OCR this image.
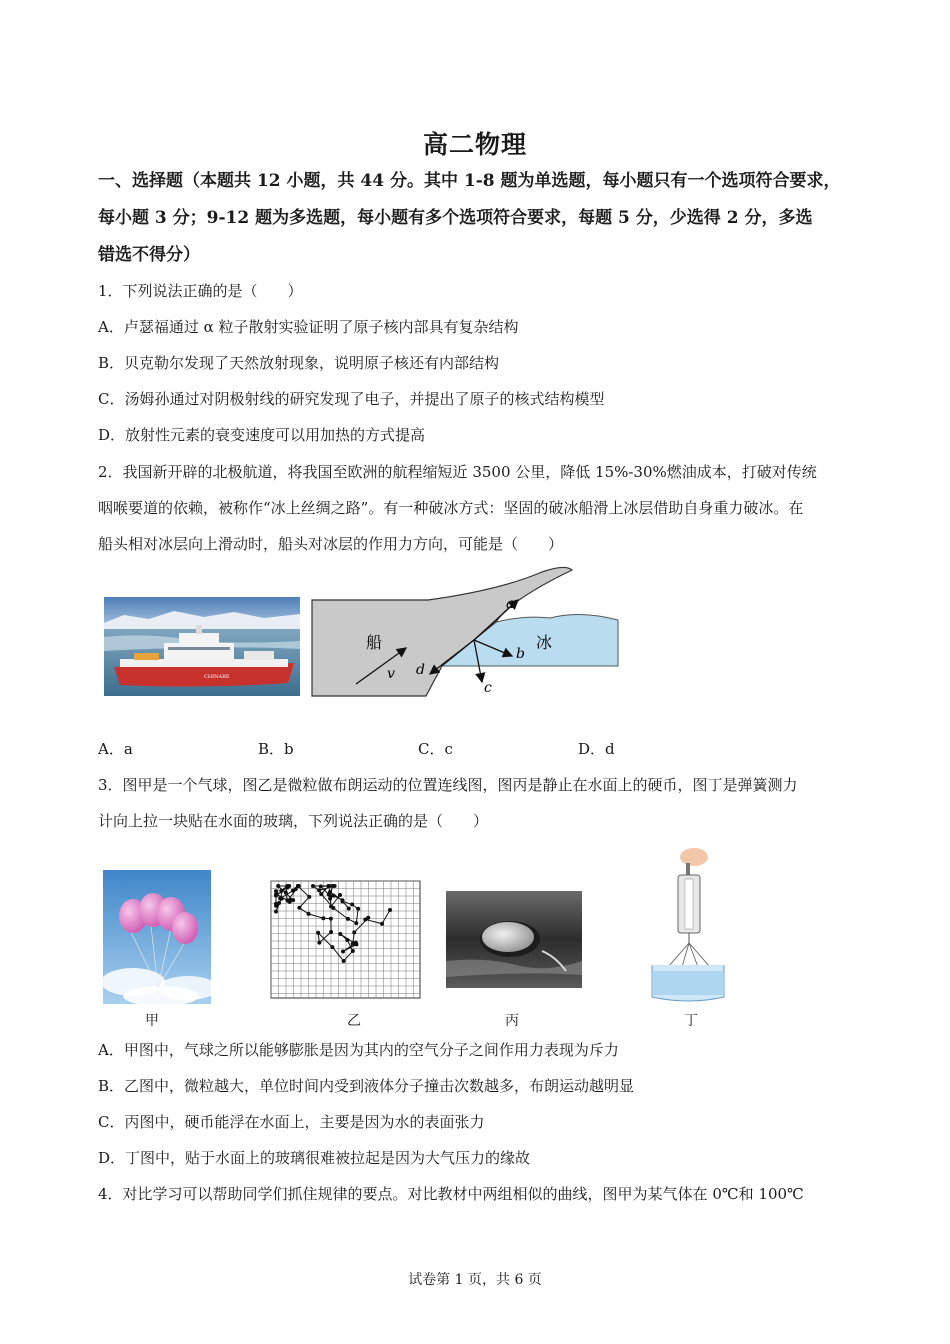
高二物理
一、选择题（本题共 12 小题，共 44 分。其中 1-8 题为单选题，每小题只有一个选项符合要求，
每小题 3 分；9-12 题为多选题，每小题有多个选项符合要求，每题 5 分，少选得 2 分，多选
错选不得分）
1．下列说法正确的是（　　）
A．卢瑟福通过 α 粒子散射实验证明了原子核内部具有复杂结构
B．贝克勒尔发现了天然放射现象，说明原子核还有内部结构
C．汤姆孙通过对阴极射线的研究发现了电子，并提出了原子的核式结构模型
D．放射性元素的衰变速度可以用加热的方式提高
2．我国新开辟的北极航道，将我国至欧洲的航程缩短近 3500 公里，降低 15%-30%燃油成本，打破对传统
咽喉要道的依赖，被称作“冰上丝绸之路”。有一种破冰方式：坚固的破冰船滑上冰层借助自身重力破冰。在
船头相对冰层向上滑动时，船头对冰层的作用力方向，可能是（　　）
CHINARE
船	冰
v
a
b
c
d
A．a	B．b	C．c	D．d
3．图甲是一个气球，图乙是微粒做布朗运动的位置连线图，图丙是静止在水面上的硬币，图丁是弹簧测力
计向上拉一块贴在水面的玻璃，下列说法正确的是（　　）
甲	乙	丙	丁
A．甲图中，气球之所以能够膨胀是因为其内的空气分子之间作用力表现为斥力
B．乙图中，微粒越大，单位时间内受到液体分子撞击次数越多，布朗运动越明显
C．丙图中，硬币能浮在水面上，主要是因为水的表面张力
D．丁图中，贴于水面上的玻璃很难被拉起是因为大气压力的缘故
4．对比学习可以帮助同学们抓住规律的要点。对比教材中两组相似的曲线，图甲为某气体在 0℃和 100℃
试卷第 1 页，共 6 页
